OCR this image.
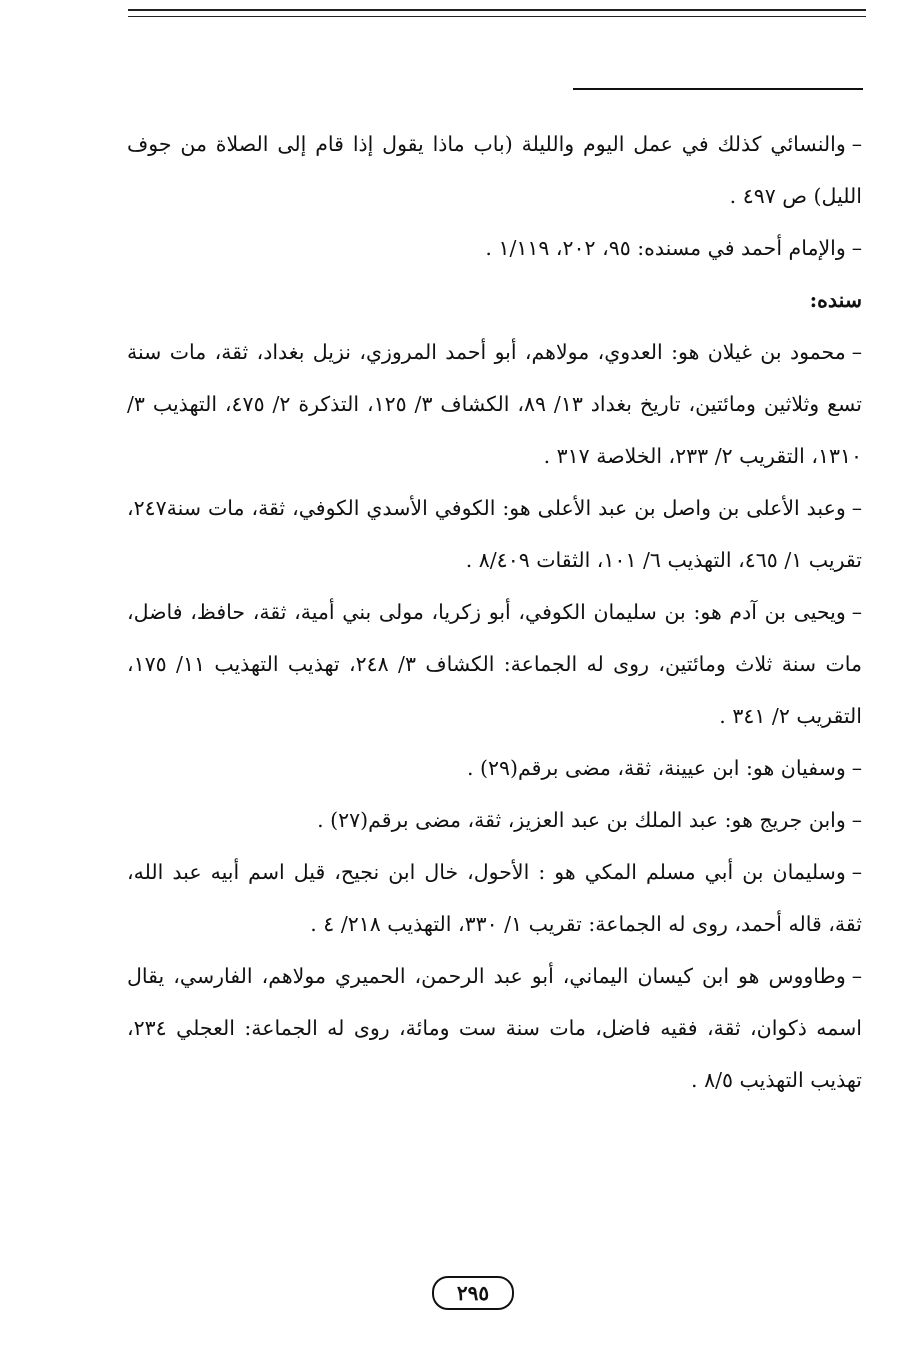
–والنسائي كذلك في عمل اليوم والليلة (باب ماذا يقول إذا قام إلى الصلاة من جوف الليل) ص ٤٩٧ .

–والإمام أحمد في مسنده: ٩٥، ٢٠٢، ١/١١٩ .

سنده:

–محمود بن غيلان هو: العدوي، مولاهم، أبو أحمد المروزي، نزيل بغداد، ثقة، مات سنة تسع وثلاثين ومائتين، تاريخ بغداد ١٣/ ٨٩، الكشاف ٣/ ١٢٥، التذكرة ٢/ ٤٧٥، التهذيب ٣/ ١٣١٠، التقريب ٢/ ٢٣٣، الخلاصة ٣١٧ .

–وعبد الأعلى بن واصل بن عبد الأعلى هو: الكوفي الأسدي الكوفي، ثقة، مات سنة٢٤٧، تقريب ١/ ٤٦٥، التهذيب ٦/ ١٠١، الثقات ٨/٤٠٩ .

–ويحيى بن آدم هو: بن سليمان الكوفي، أبو زكريا، مولى بني أمية، ثقة، حافظ، فاضل، مات سنة ثلاث ومائتين، روى له الجماعة: الكشاف ٣/ ٢٤٨، تهذيب التهذيب ١١/ ١٧٥، التقريب ٢/ ٣٤١ .

–وسفيان هو: ابن عيينة، ثقة، مضى برقم(٢٩) .

–وابن جريج هو: عبد الملك بن عبد العزيز، ثقة، مضى برقم(٢٧) .

–وسليمان بن أبي مسلم المكي هو : الأحول، خال ابن نجيح، قيل اسم أبيه عبد الله، ثقة، قاله أحمد، روى له الجماعة: تقريب ١/ ٣٣٠، التهذيب ٢١٨/ ٤ .

–وطاووس هو ابن كيسان اليماني، أبو عبد الرحمن، الحميري مولاهم، الفارسي، يقال اسمه ذكوان، ثقة، فقيه فاضل، مات سنة ست ومائة، روى له الجماعة: العجلي ٢٣٤، تهذيب التهذيب ٨/٥ .

٢٩٥
